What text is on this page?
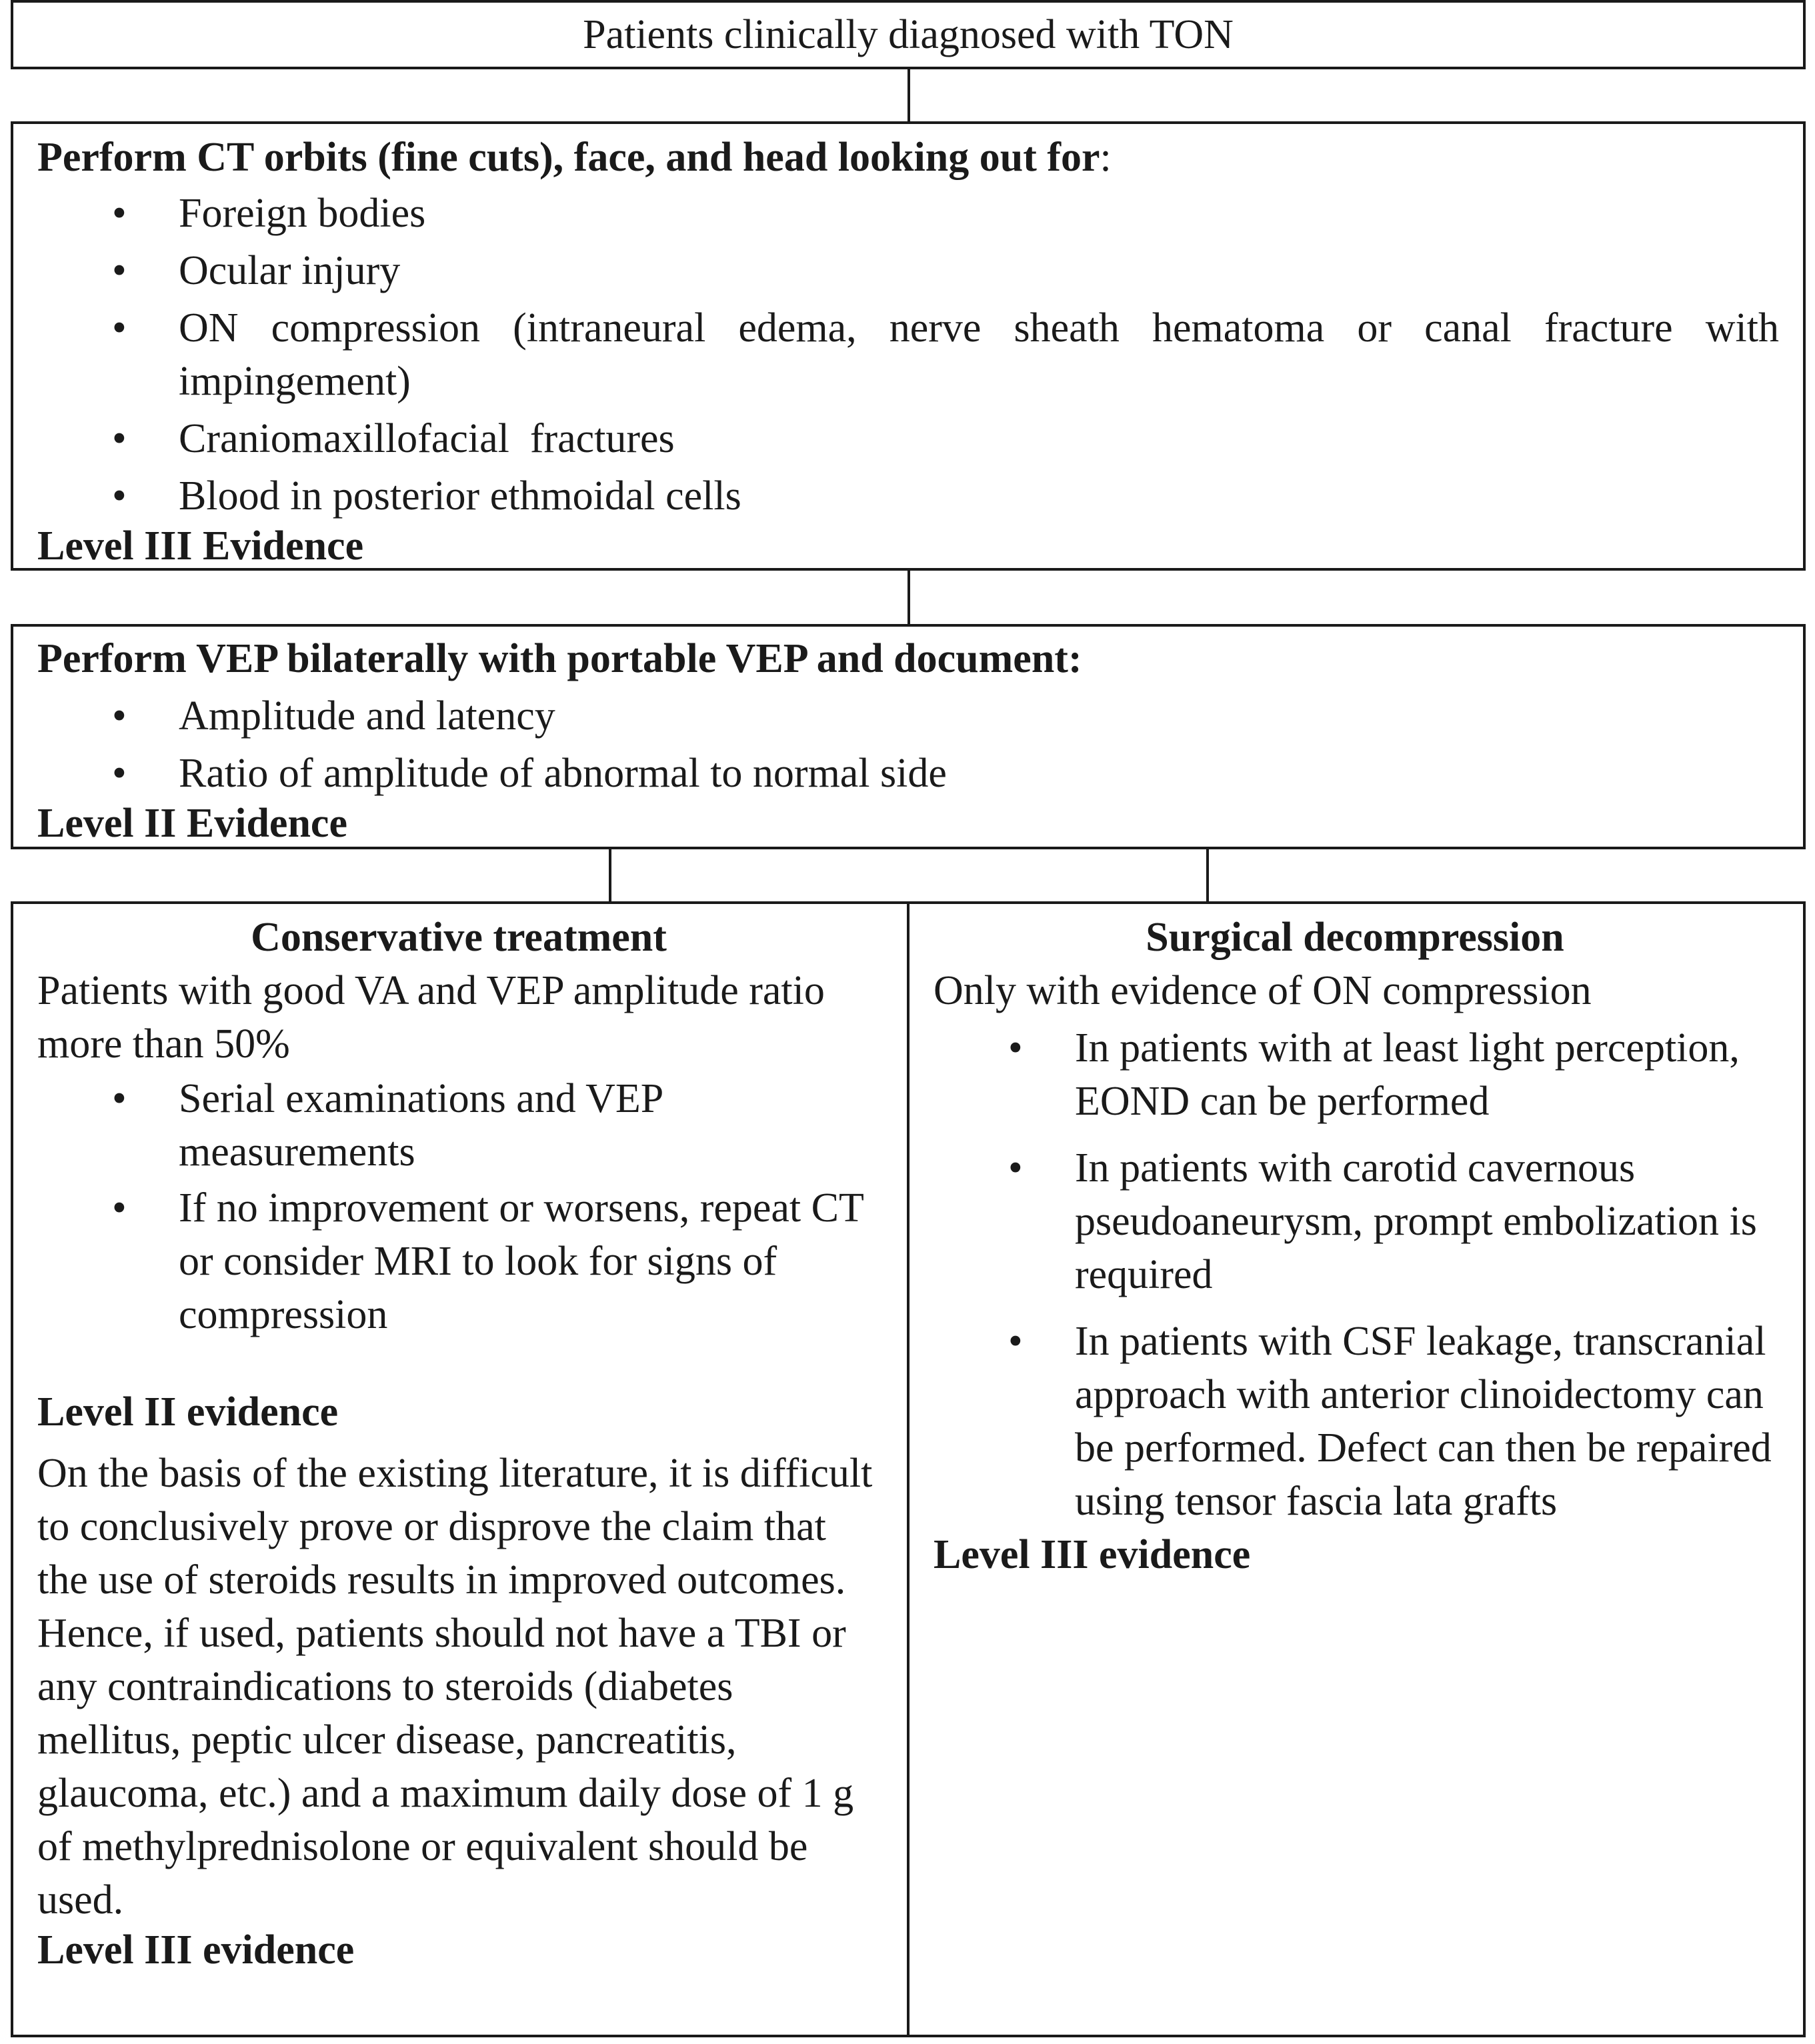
Patients clinically diagnosed with TON
Perform CT orbits (fine cuts), face, and head looking out for:
• Foreign bodies
• Ocular injury
• ON compression (intraneural edema, nerve sheath hematoma or canal fracture with impingement)
• Craniomaxillofacial  fractures
• Blood in posterior ethmoidal cells
Level III Evidence
Perform VEP bilaterally with portable VEP and document:
• Amplitude and latency
• Ratio of amplitude of abnormal to normal side
Level II Evidence
Conservative treatment
Patients with good VA and VEP amplitude ratio more than 50%
• Serial examinations and VEP measurements
• If no improvement or worsens, repeat CT or consider MRI to look for signs of compression
Level II evidence
On the basis of the existing literature, it is difficult to conclusively prove or disprove the claim that the use of steroids results in improved outcomes. Hence, if used, patients should not have a TBI or any contraindications to steroids (diabetes mellitus, peptic ulcer disease, pancreatitis, glaucoma, etc.) and a maximum daily dose of 1 g of methylprednisolone or equivalent should be used.
Level III evidence
Surgical decompression
Only with evidence of ON compression
• In patients with at least light perception, EOND can be performed
• In patients with carotid cavernous pseudoaneurysm, prompt embolization is required
• In patients with CSF leakage, transcranial approach with anterior clinoidectomy can be performed. Defect can then be repaired using tensor fascia lata grafts
Level III evidence
